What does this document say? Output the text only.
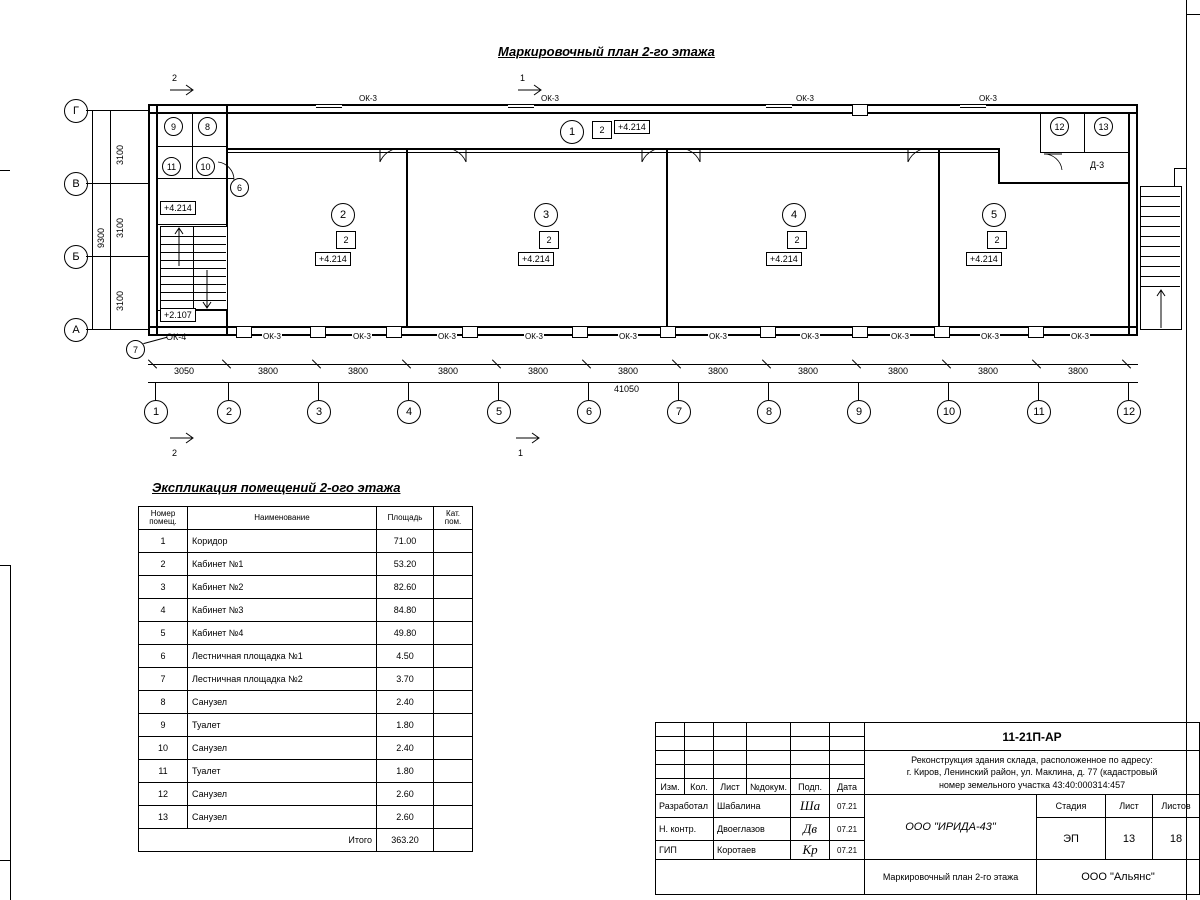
Маркировочный план 2-го этажа
ОК-3	ОК-3	ОК-3	ОК-3
ОК-3	ОК-3	ОК-3	ОК-3	ОК-3	ОК-3	ОК-3	ОК-3	ОК-3	ОК-3
Д-3
ОК-4
1	2	+4.214
2
2
+4.214
3
2
+4.214
4
2
+4.214
5
2
+4.214
9	8
11	10
6
7
12	13
+4.214
+2.107
Г
В
Б
А
3100
3100
3100
9300
2	1
2	1
3050	3800	3800	3800	3800	3800	3800	3800	3800	3800	3800
41050
1	2	3	4	5	6	7	8	9	10	11	12
Экспликация помещений 2-ого этажа
Номер помещ.	Наименование	Площадь	Кат. пом.
1	Коридор	71.00	
2	Кабинет №1	53.20	
3	Кабинет №2	82.60	
4	Кабинет №3	84.80	
5	Кабинет №4	49.80	
6	Лестничная площадка №1	4.50	
7	Лестничная площадка №2	3.70	
8	Санузел	2.40	
9	Туалет	1.80	
10	Санузел	2.40	
11	Туалет	1.80	
12	Санузел	2.60	
13	Санузел	2.60	
Итого		363.20	
						11-21П-АР			

						Реконструкция здания склада, расположенное по адресу:
г. Киров, Ленинский район, ул. Маклина, д. 77 (кадастровый
номер земельного участка 43:40:000314:457			

Изм.	Кол.	Лист	№докум.	Подп.	Дата				
Разработал		Шабалина		Ша	07.21	ООО "ИРИДА-43"	Стадия	Лист	Листов
Н. контр.		Двоеглазов		Дв	07.21		ЭП	13	18
ГИП		Коротаев		Кр	07.21				
						Маркировочный план 2-го этажа	ООО "Альянс"		
